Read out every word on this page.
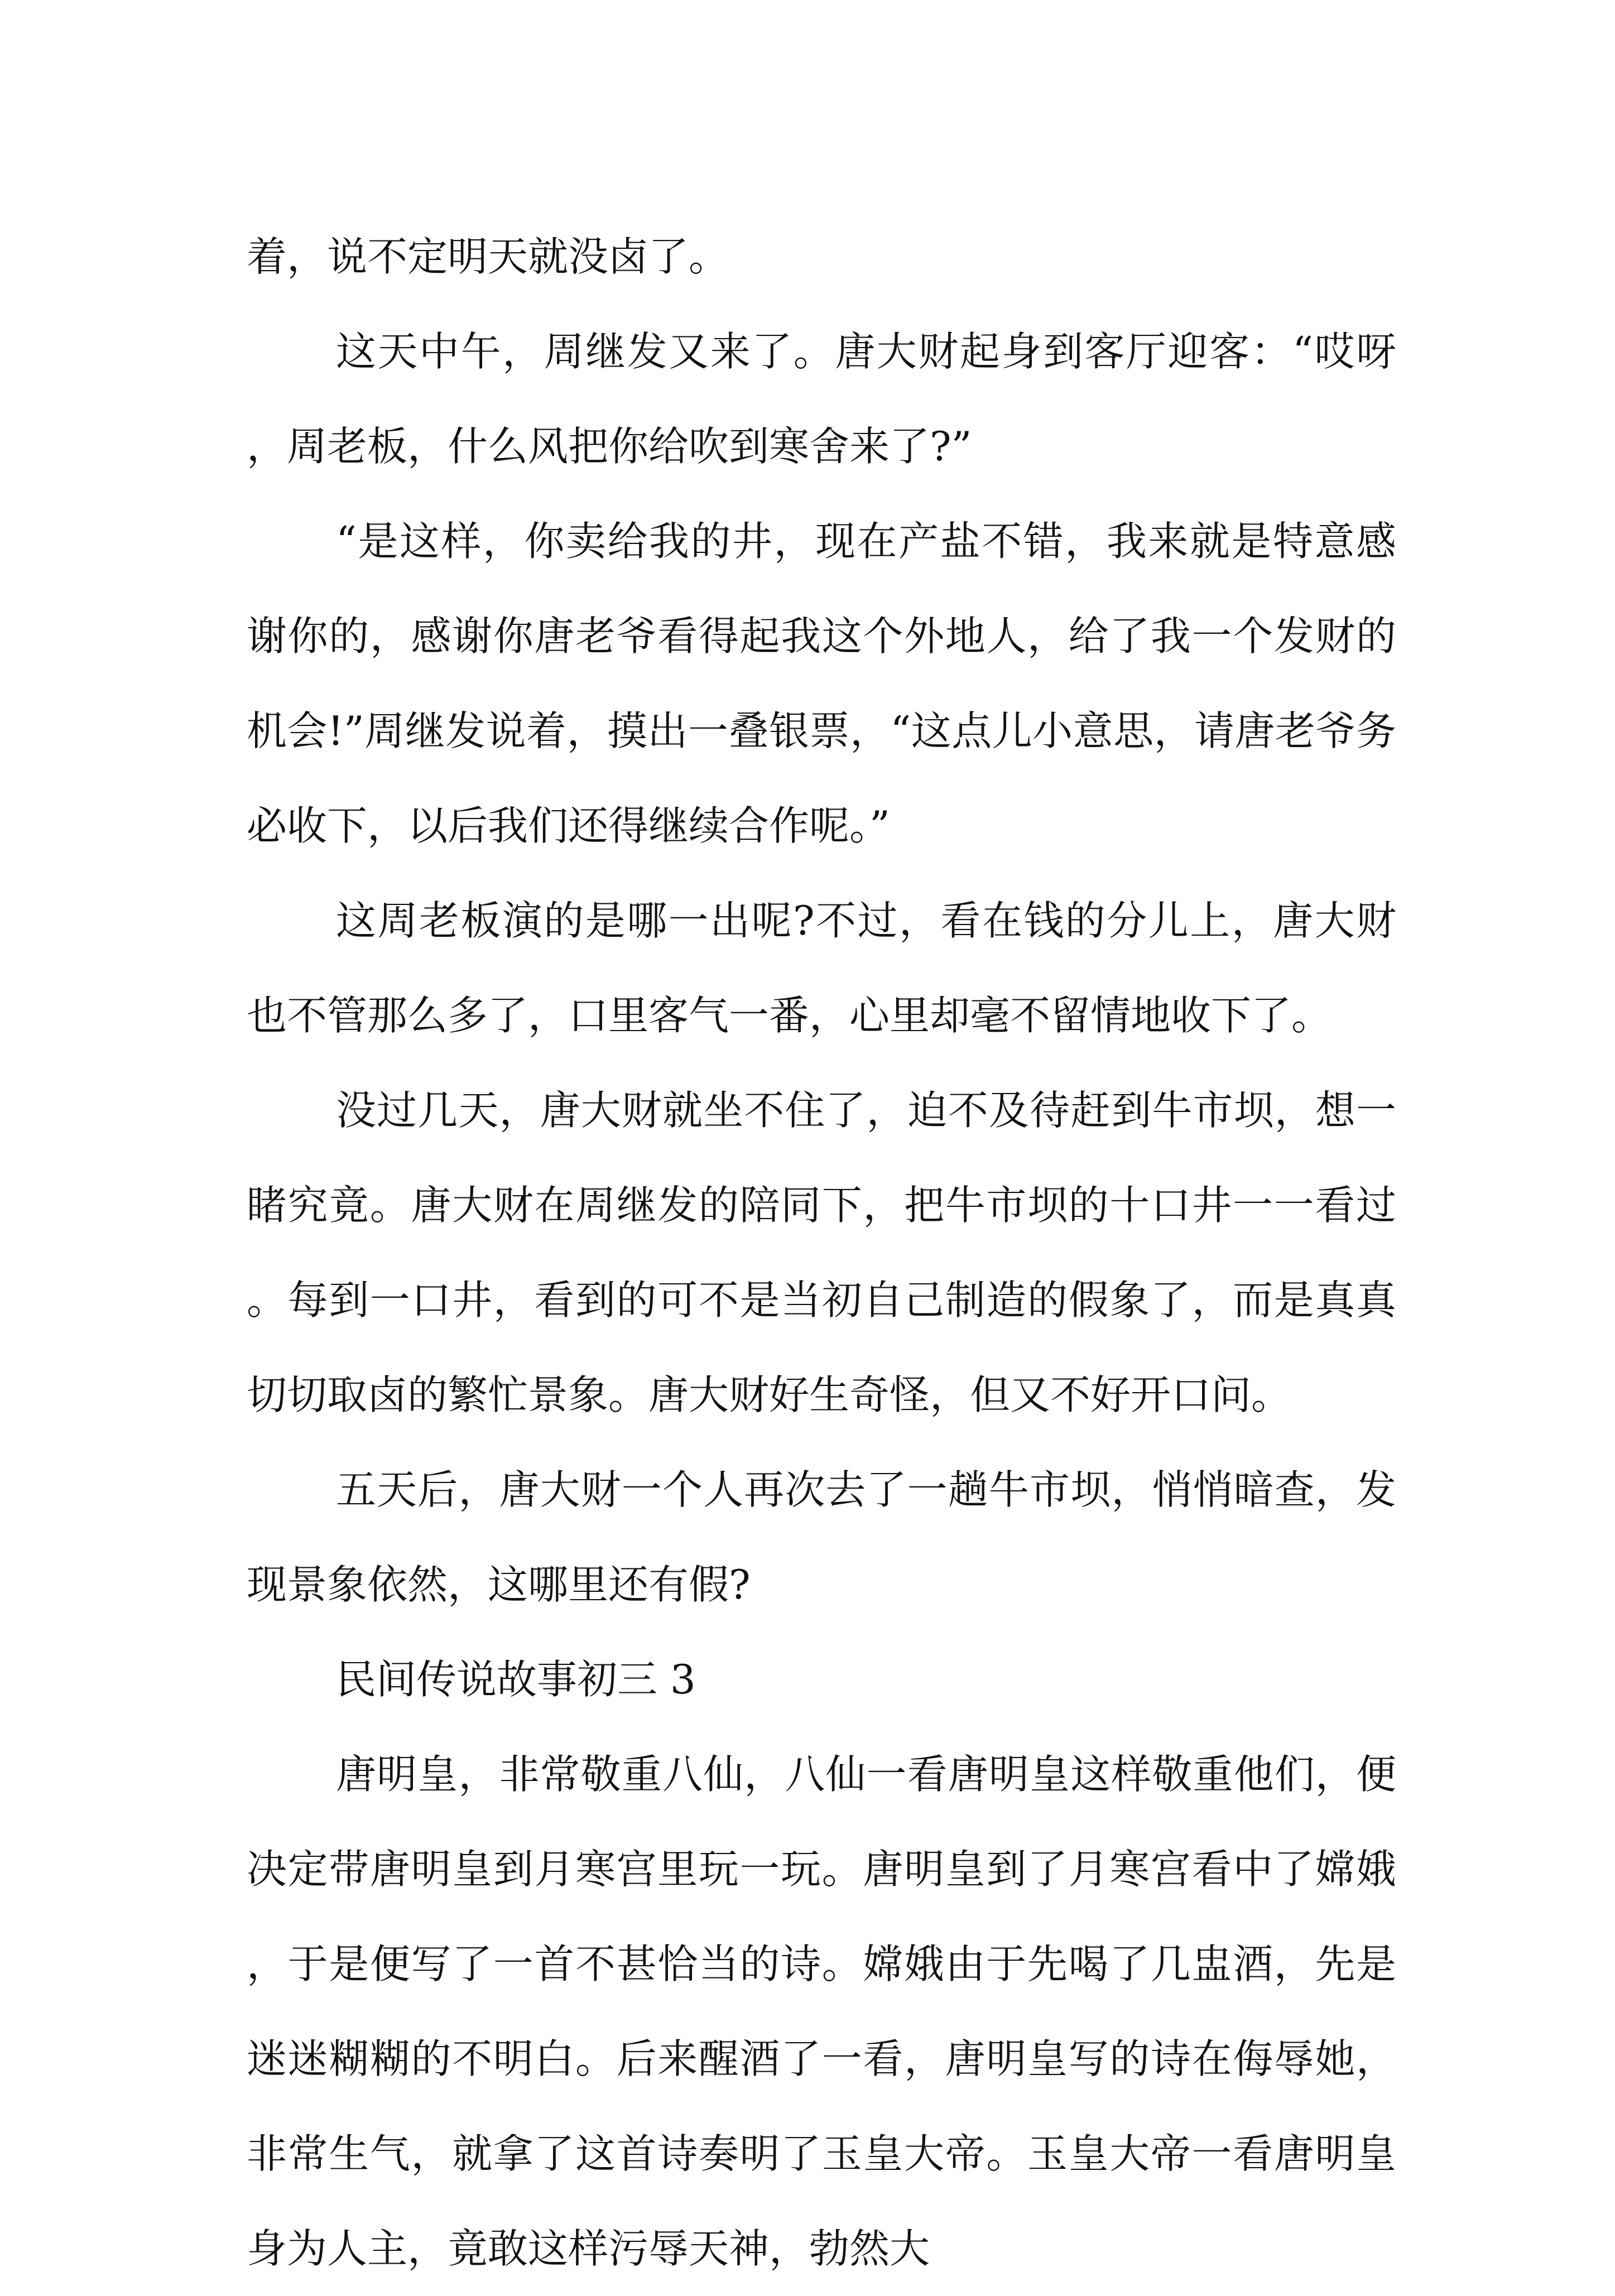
着，说不定明天就没卤了。

这天中午，周继发又来了。唐大财起身到客厅迎客：“哎呀，周老板，什么风把你给吹到寒舍来了?”

“是这样，你卖给我的井，现在产盐不错，我来就是特意感谢你的，感谢你唐老爷看得起我这个外地人，给了我一个发财的机会!”周继发说着，摸出一叠银票，“这点儿小意思，请唐老爷务必收下，以后我们还得继续合作呢。”

这周老板演的是哪一出呢?不过，看在钱的分儿上，唐大财也不管那么多了，口里客气一番，心里却毫不留情地收下了。

没过几天，唐大财就坐不住了，迫不及待赶到牛市坝，想一睹究竟。唐大财在周继发的陪同下，把牛市坝的十口井一一看过。每到一口井，看到的可不是当初自己制造的假象了，而是真真切切取卤的繁忙景象。唐大财好生奇怪，但又不好开口问。

五天后，唐大财一个人再次去了一趟牛市坝，悄悄暗查，发现景象依然，这哪里还有假?

民间传说故事初三 3

唐明皇，非常敬重八仙，八仙一看唐明皇这样敬重他们，便决定带唐明皇到月寒宫里玩一玩。唐明皇到了月寒宫看中了嫦娥，于是便写了一首不甚恰当的诗。嫦娥由于先喝了几盅酒，先是迷迷糊糊的不明白。后来醒酒了一看，唐明皇写的诗在侮辱她，非常生气，就拿了这首诗奏明了玉皇大帝。玉皇大帝一看唐明皇身为人主，竟敢这样污辱天神，勃然大
